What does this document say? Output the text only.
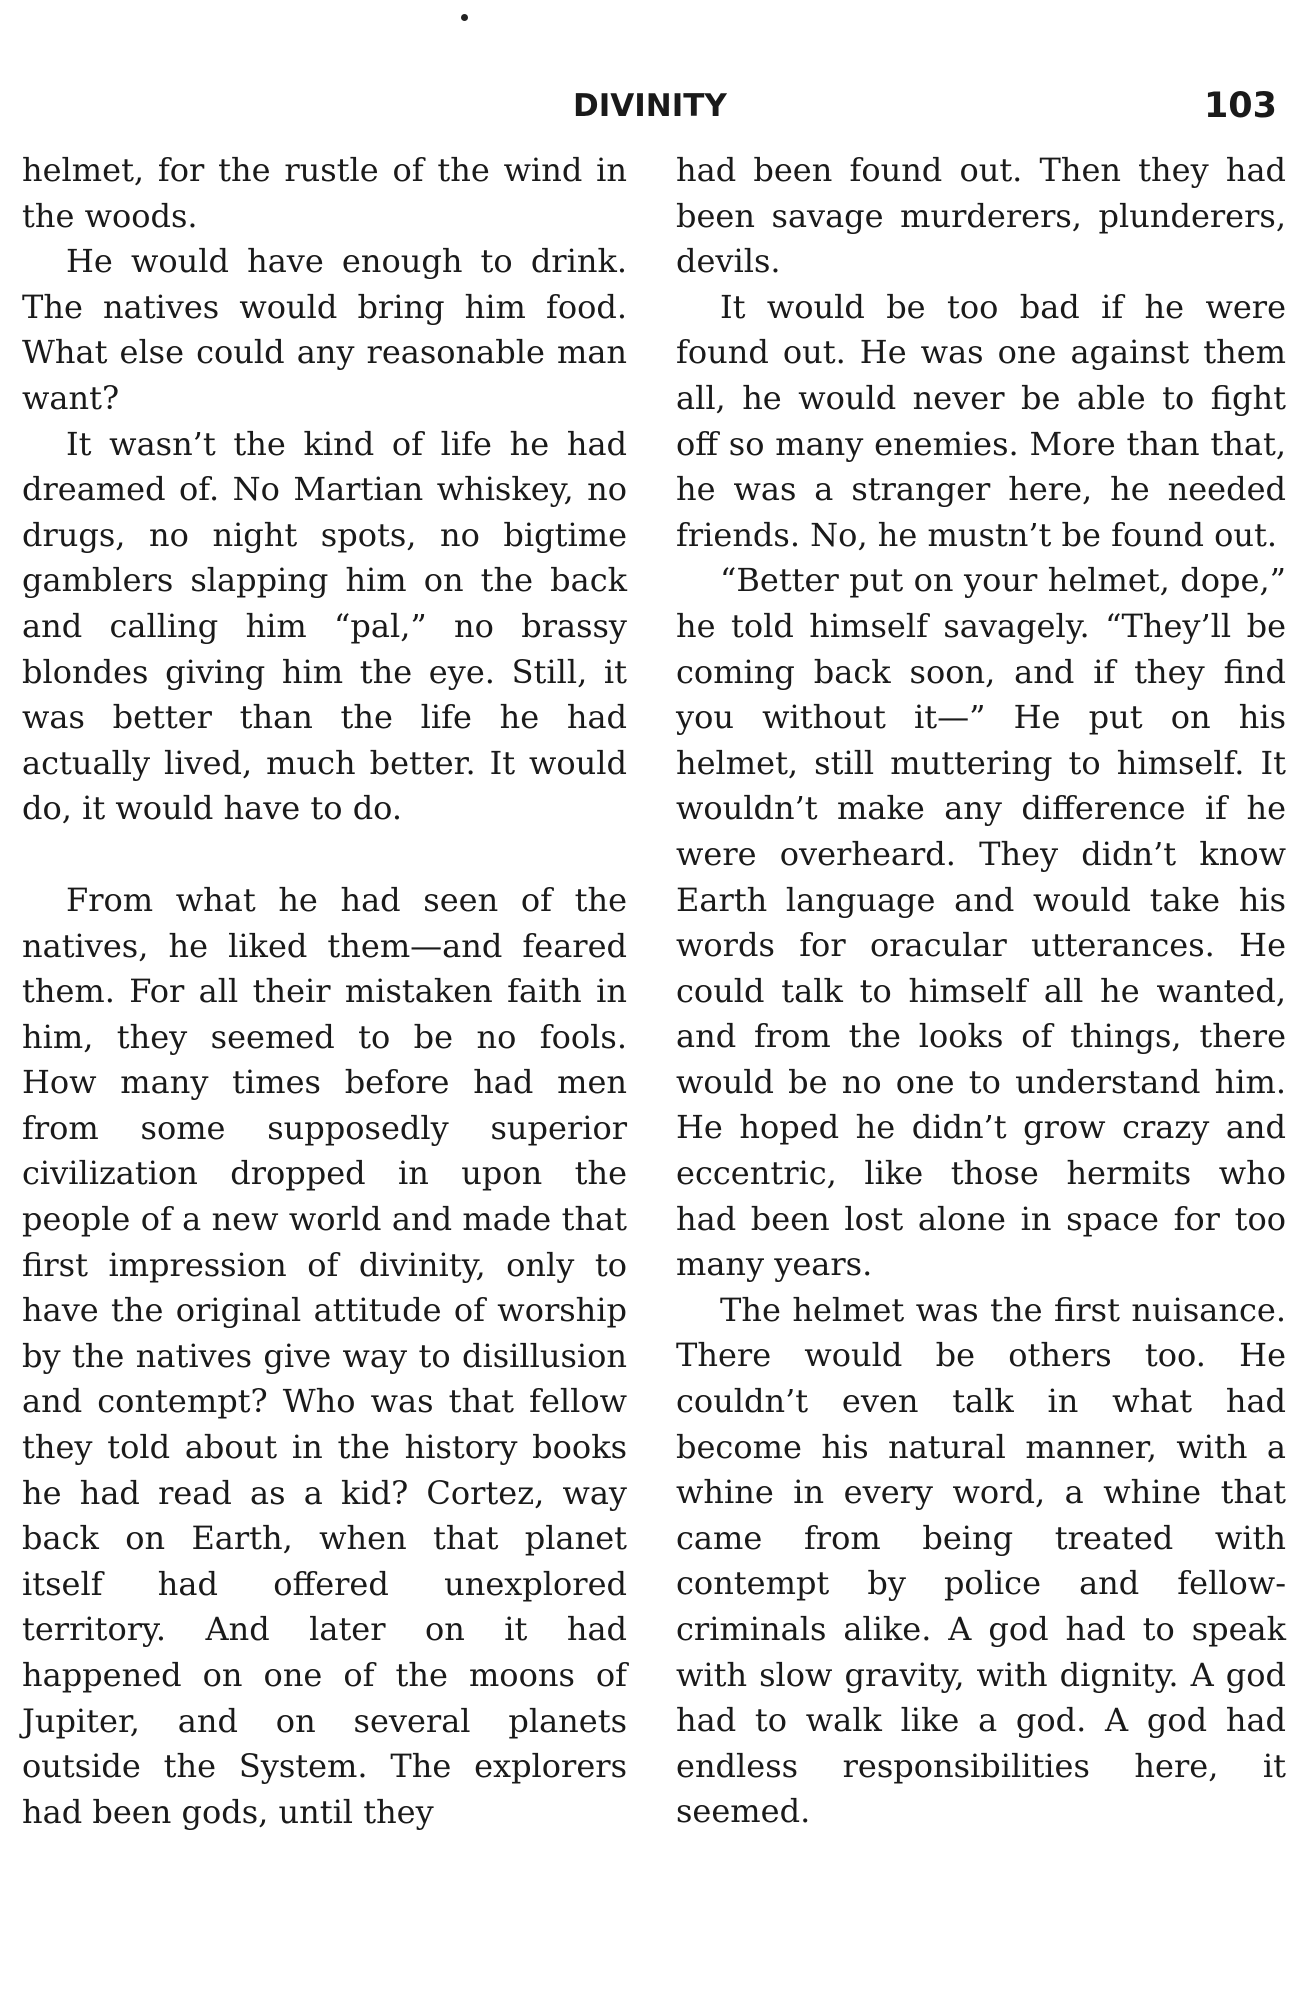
DIVINITY	103

helmet, for the rustle of the wind in the woods.

He would have enough to drink. The natives would bring him food. What else could any reasonable man want?

It wasn’t the kind of life he had dreamed of. No Martian whiskey, no drugs, no night spots, no bigtime gamblers slapping him on the back and calling him “pal,” no brassy blondes giving him the eye. Still, it was better than the life he had actually lived, much better. It would do, it would have to do.

From what he had seen of the natives, he liked them—and feared them. For all their mistaken faith in him, they seemed to be no fools. How many times before had men from some supposedly superior civilization dropped in upon the people of a new world and made that first impression of divinity, only to have the original attitude of worship by the natives give way to disillusion and contempt? Who was that fellow they told about in the history books he had read as a kid? Cortez, way back on Earth, when that planet itself had offered unexplored territory. And later on it had happened on one of the moons of Jupiter, and on several planets outside the System. The explorers had been gods, until they

had been found out. Then they had been savage murderers, plunderers, devils.

It would be too bad if he were found out. He was one against them all, he would never be able to fight off so many enemies. More than that, he was a stranger here, he needed friends. No, he mustn’t be found out.

“Better put on your helmet, dope,” he told himself savagely. “They’ll be coming back soon, and if they find you without it—” He put on his helmet, still muttering to himself. It wouldn’t make any difference if he were overheard. They didn’t know Earth language and would take his words for oracular utterances. He could talk to himself all he wanted, and from the looks of things, there would be no one to understand him. He hoped he didn’t grow crazy and eccentric, like those hermits who had been lost alone in space for too many years.

The helmet was the first nuisance. There would be others too. He couldn’t even talk in what had become his natural manner, with a whine in every word, a whine that came from being treated with contempt by police and fellow-criminals alike. A god had to speak with slow gravity, with dignity. A god had to walk like a god. A god had endless responsibilities here, it seemed.
